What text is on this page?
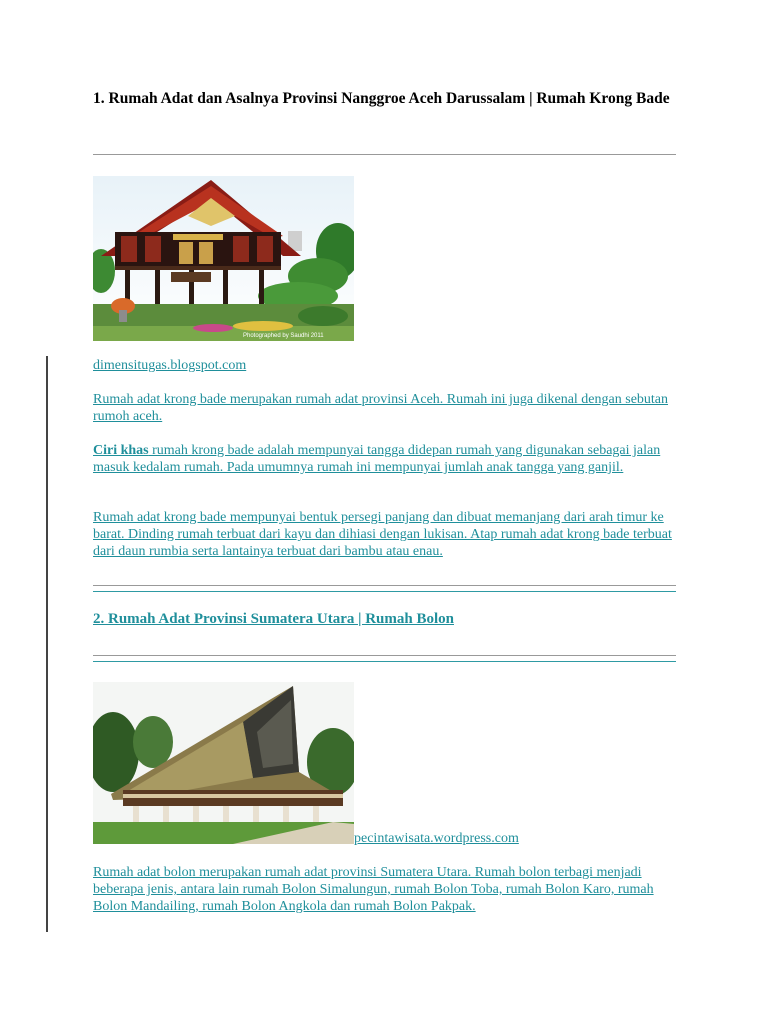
1. Rumah Adat dan Asalnya Provinsi Nanggroe Aceh Darussalam | Rumah Krong Bade
Photographed by Saudhi 2011
dimensitugas.blogspot.com
Rumah adat krong bade merupakan rumah adat provinsi Aceh. Rumah ini juga dikenal dengan sebutan rumoh aceh.
Ciri khas rumah krong bade adalah mempunyai tangga didepan rumah yang digunakan sebagai jalan masuk kedalam rumah. Pada umumnya rumah ini mempunyai jumlah anak tangga yang ganjil.
Rumah adat krong bade mempunyai bentuk persegi panjang dan dibuat memanjang dari arah timur ke barat. Dinding rumah terbuat dari kayu dan dihiasi dengan lukisan. Atap rumah adat krong bade terbuat dari daun rumbia serta lantainya terbuat dari bambu atau enau.
2. Rumah Adat Provinsi Sumatera Utara | Rumah Bolon
pecintawisata.wordpress.com
Rumah adat bolon merupakan rumah adat provinsi Sumatera Utara. Rumah bolon terbagi menjadi beberapa jenis, antara lain rumah Bolon Simalungun, rumah Bolon Toba, rumah Bolon Karo, rumah Bolon Mandailing, rumah Bolon Angkola dan rumah Bolon Pakpak.
